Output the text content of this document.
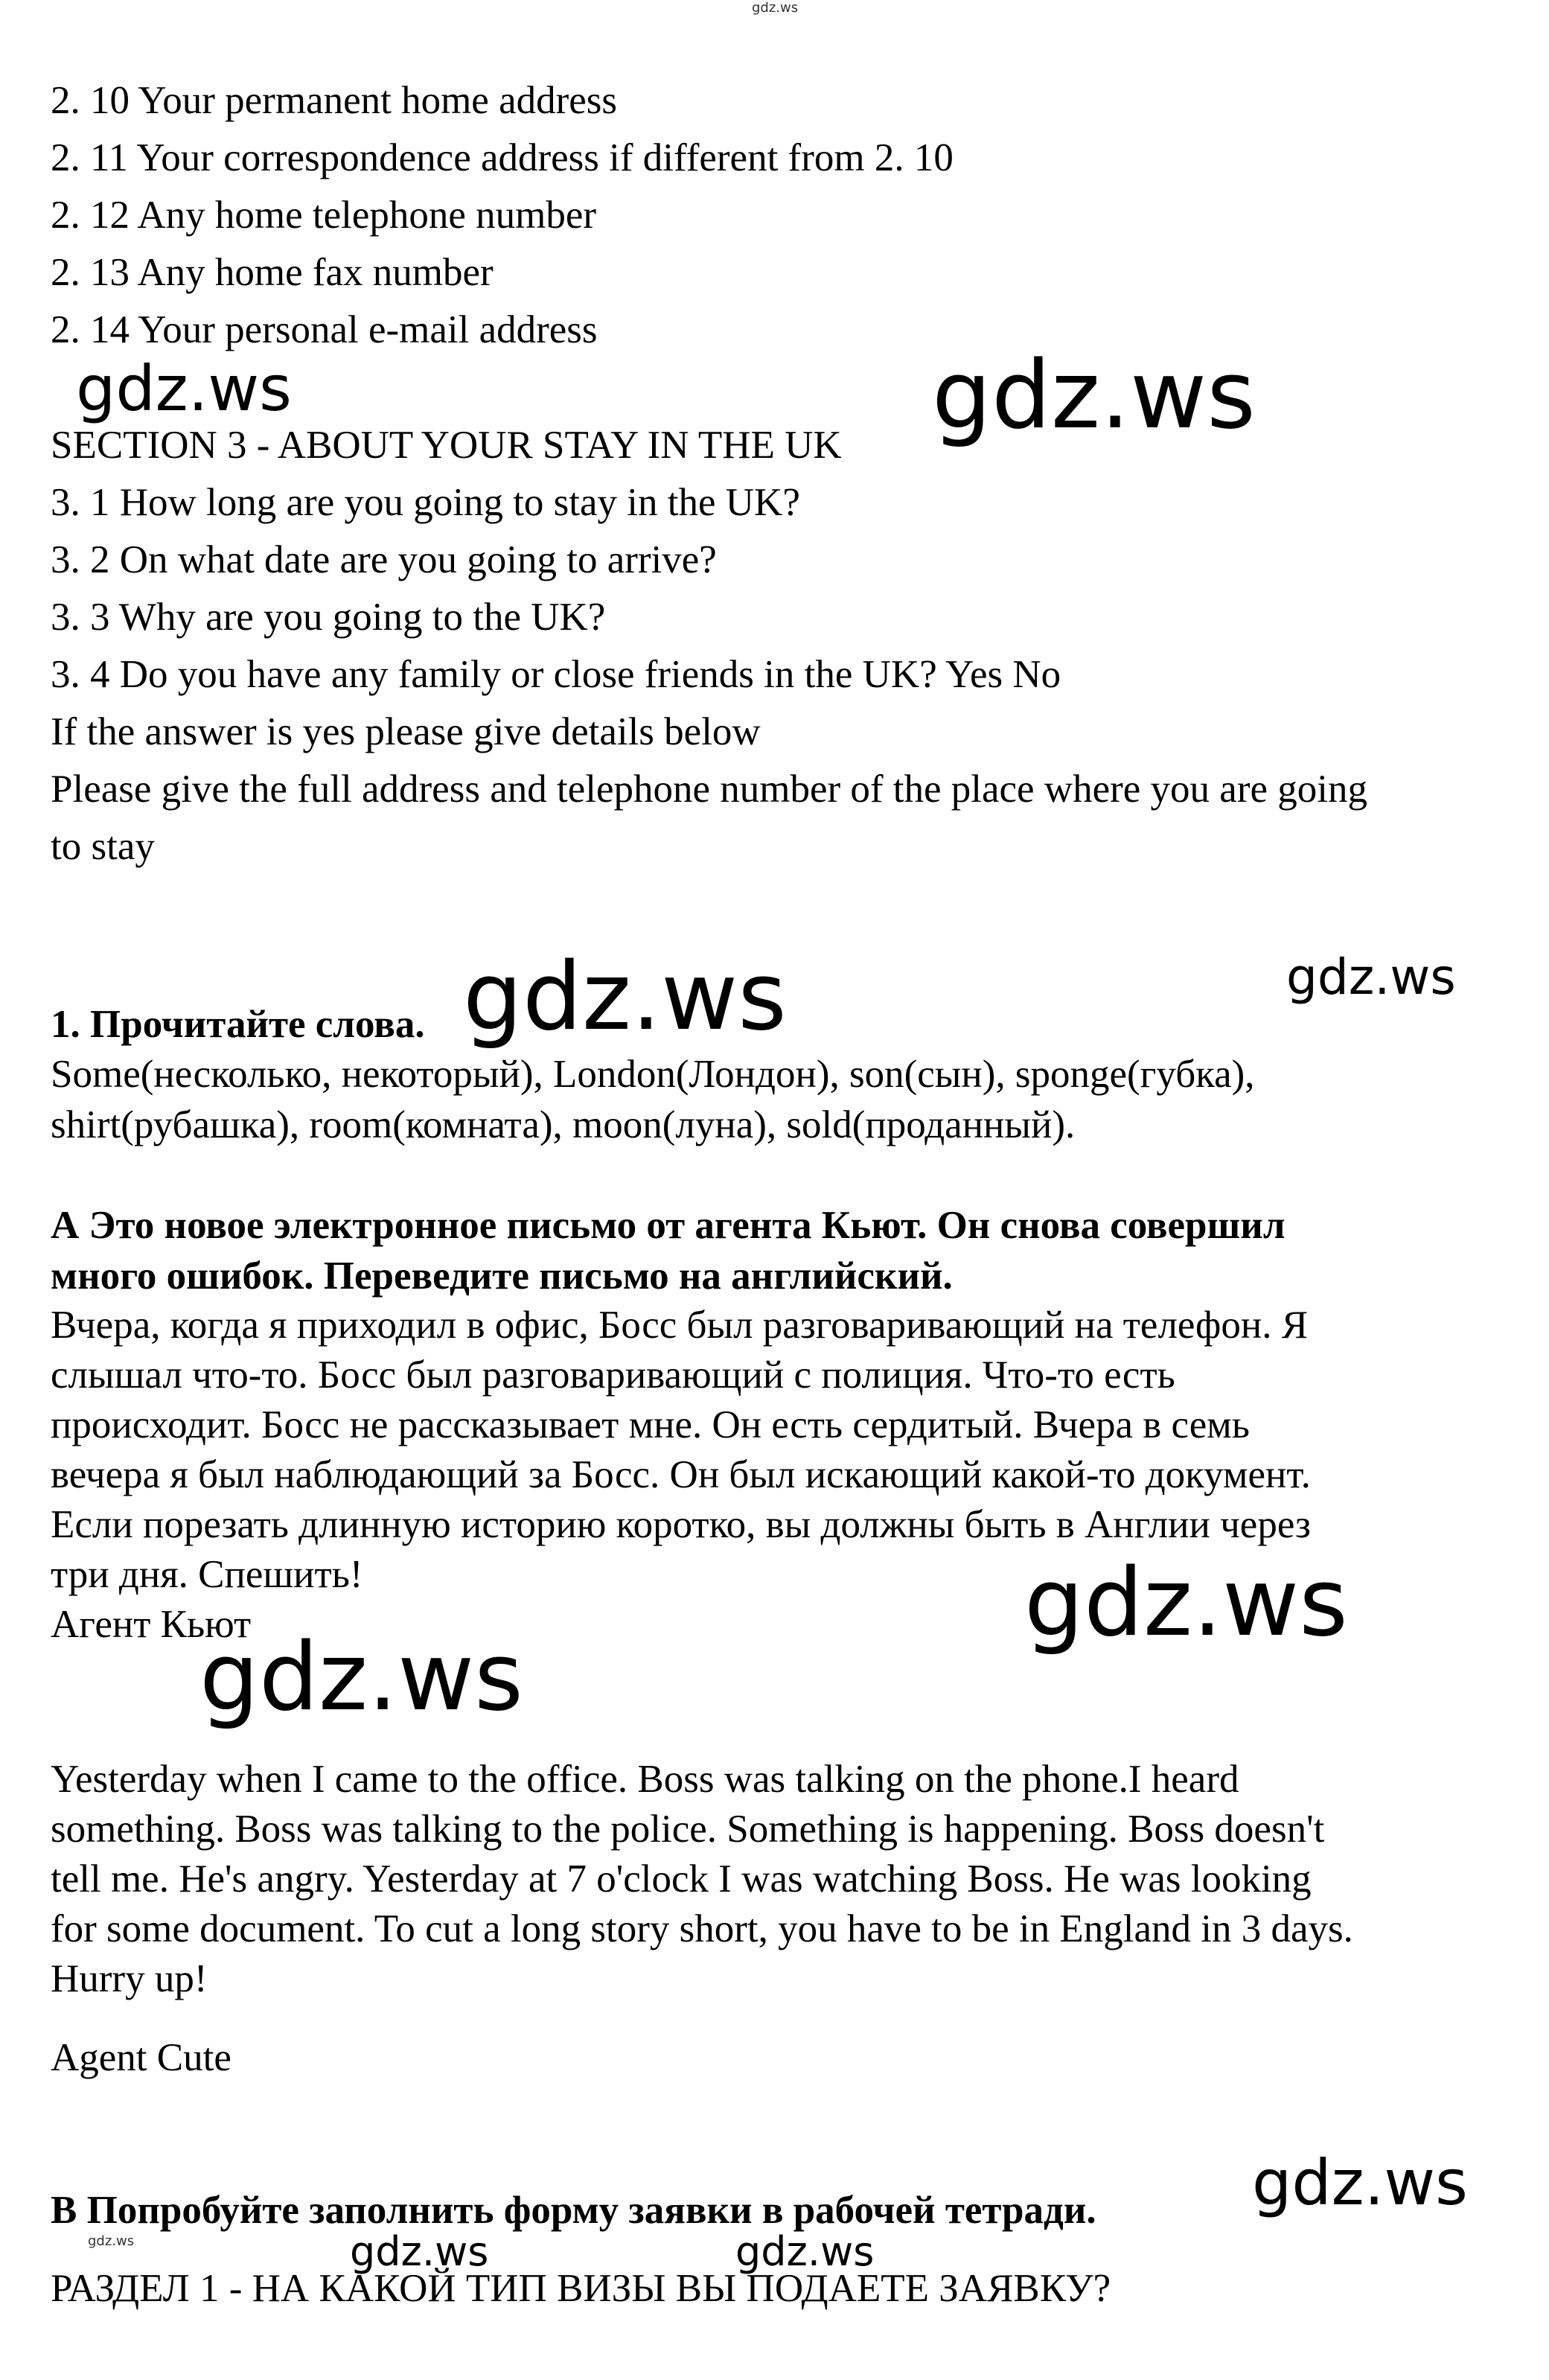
gdz.ws

2. 10 Your permanent home address

2. 11 Your correspondence address if different from 2. 10

2. 12 Any home telephone number

2. 13 Any home fax number

2. 14 Your personal e-mail address

gdz.ws	gdz.ws

SECTION 3 - ABOUT YOUR STAY IN THE UK

3. 1 How long are you going to stay in the UK?

3. 2 On what date are you going to arrive?

3. 3 Why are you going to the UK?

3. 4 Do you have any family or close friends in the UK? Yes No

If the answer is yes please give details below

Please give the full address and telephone number of the place where you are going

to stay

1. Прочитайте слова. gdz.ws	gdz.ws

Some(несколько, некоторый), London(Лондон), son(сын), sponge(губка),

shirt(рубашка), room(комната), moon(луна), sold(проданный).

А Это новое электронное письмо от агента Кьют. Он снова совершил

много ошибок. Переведите письмо на английский.

Вчера, когда я приходил в офис, Босс был разговаривающий на телефон. Я

слышал что-то. Босс был разговаривающий с полиция. Что-то есть

происходит. Босс не рассказывает мне. Он есть сердитый. Вчера в семь

вечера я был наблюдающий за Босс. Он был искающий какой-то документ.

Если порезать длинную историю коротко, вы должны быть в Англии через

три дня. Спешить!

Агент Кьют	gdz.ws
gdz.ws

Yesterday when I came to the office. Boss was talking on the phone.I heard

something. Boss was talking to the police. Something is happening. Boss doesn't

tell me. He's angry. Yesterday at 7 o'clock I was watching Boss. He was looking

for some document. To cut a long story short, you have to be in England in 3 days.

Hurry up!

Agent Cute

gdz.ws

В Попробуйте заполнить форму заявки в рабочей тетради.

gdz.ws	gdz.ws	gdz.ws

РАЗДЕЛ 1 - НА КАКОЙ ТИП ВИЗЫ ВЫ ПОДАЕТЕ ЗАЯВКУ?
